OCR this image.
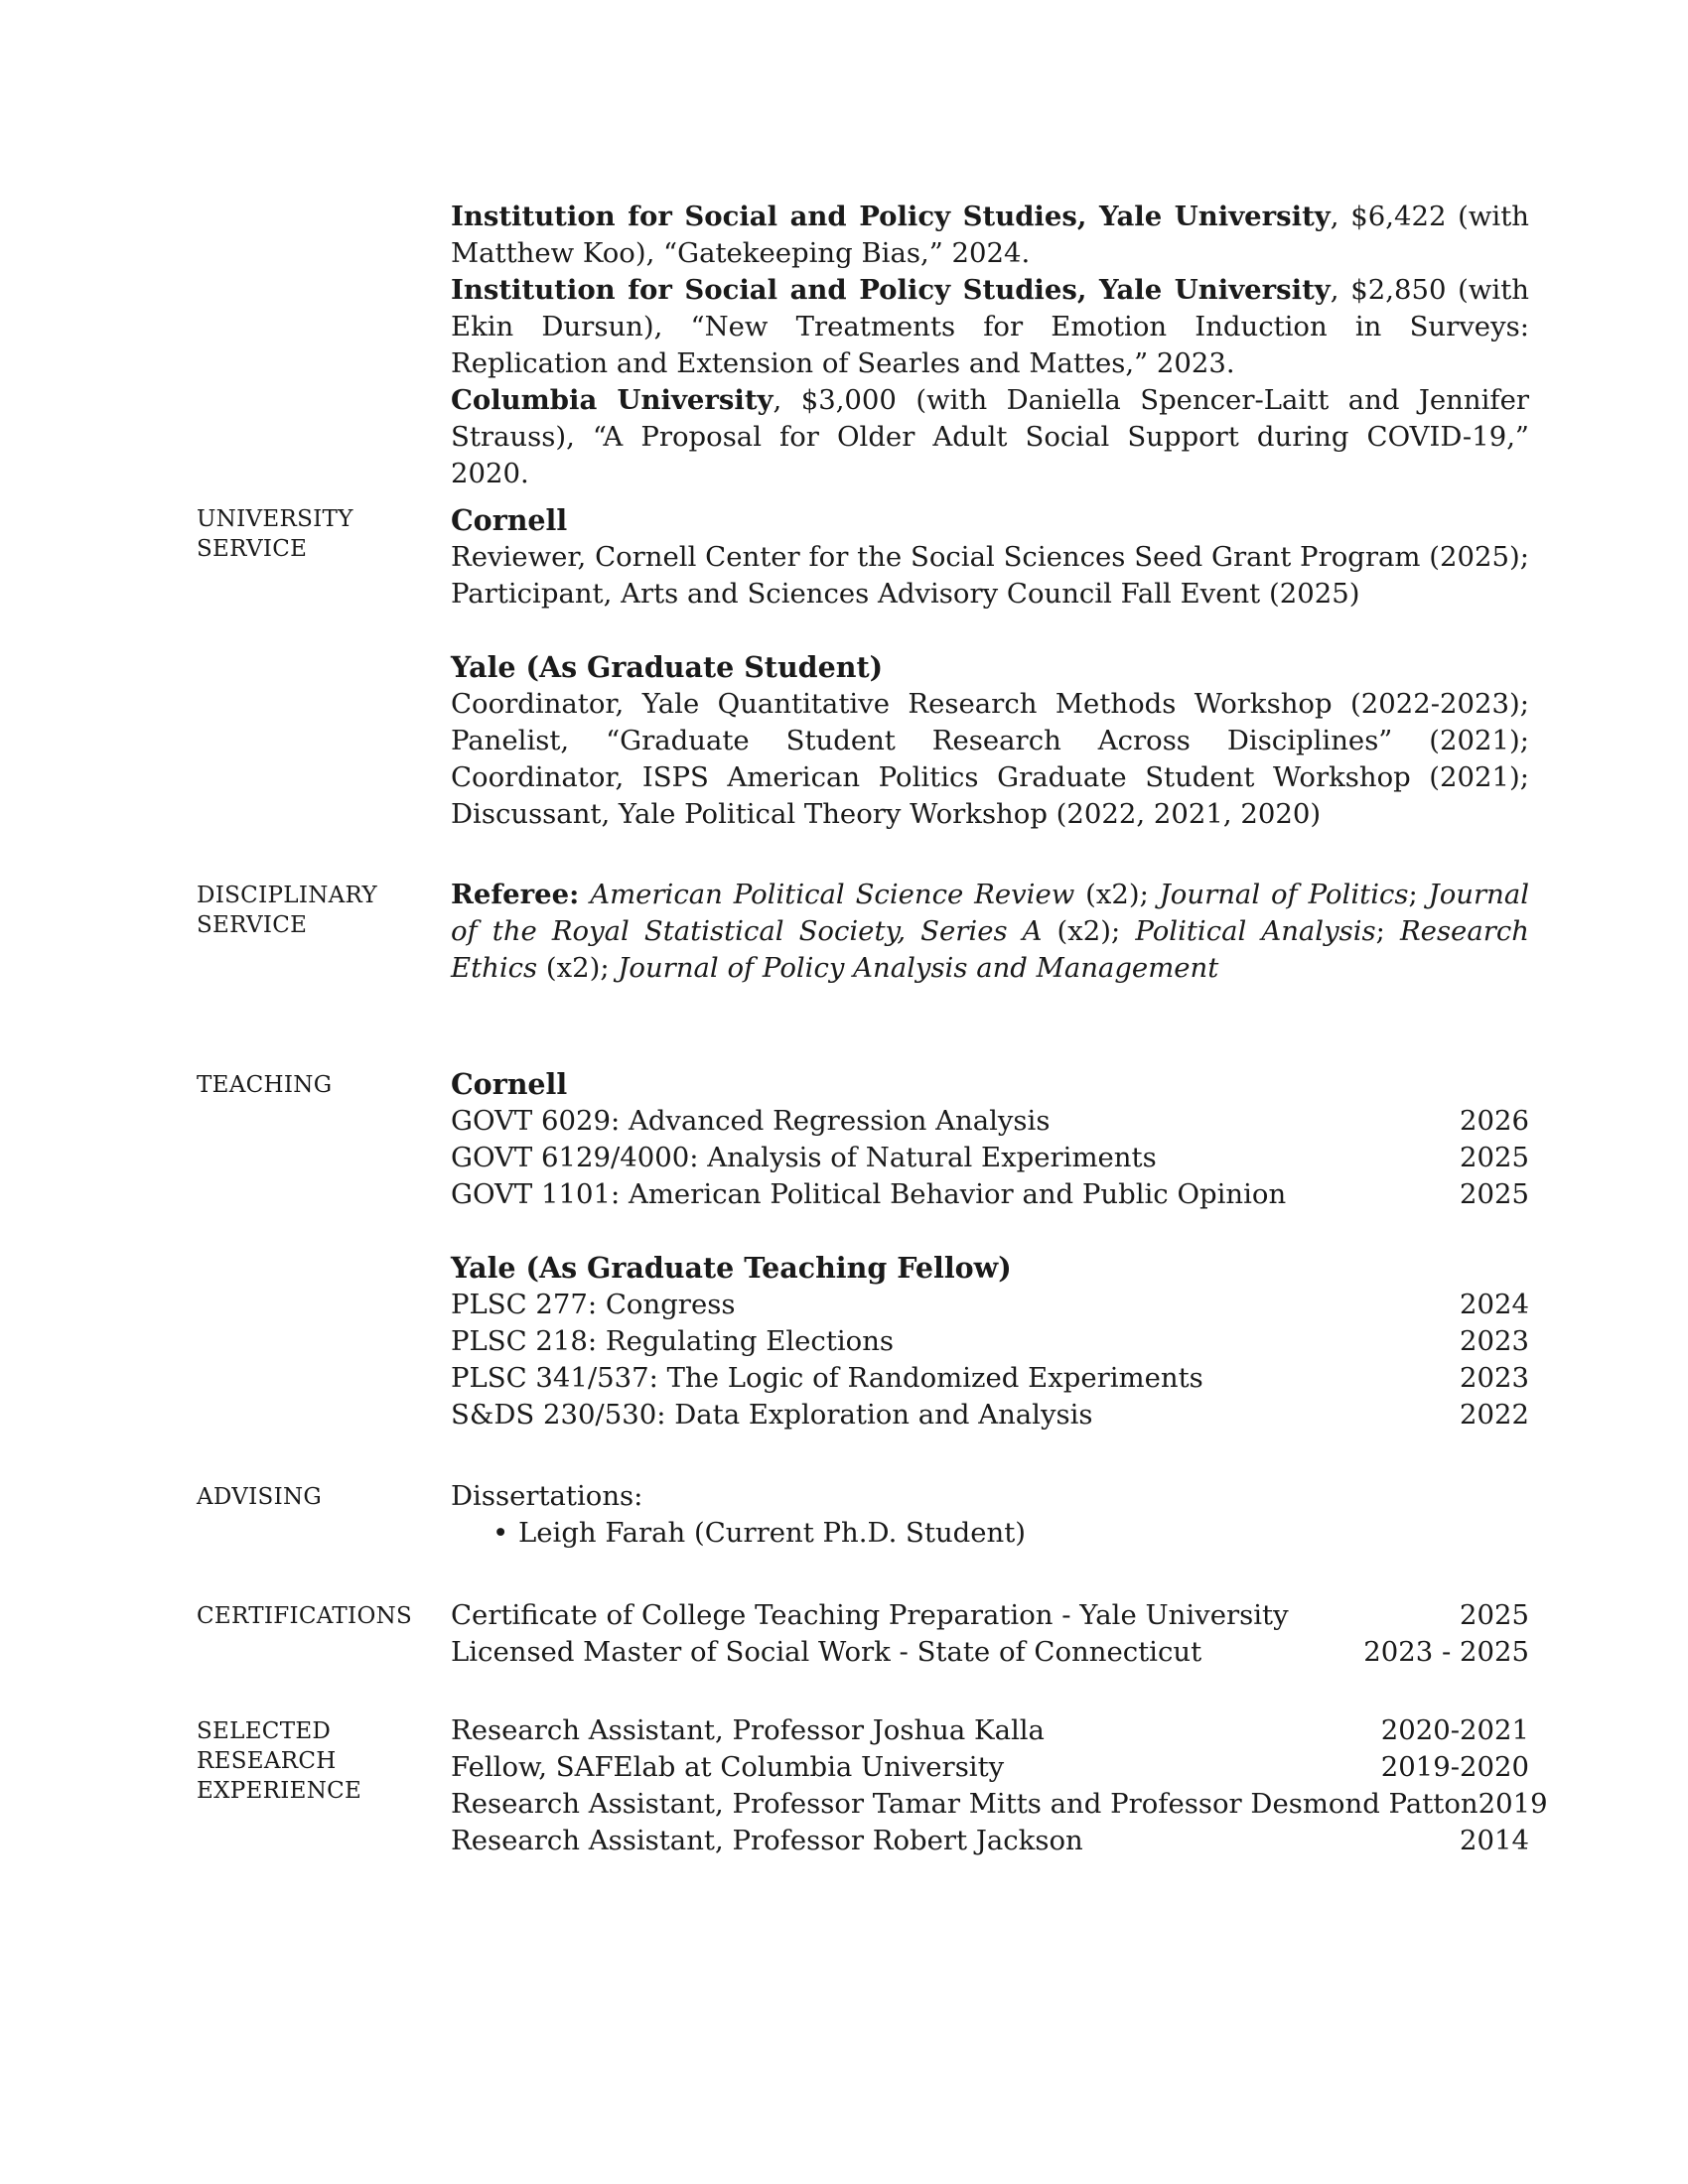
Institution for Social and Policy Studies, Yale University, $6,422 (with Matthew Koo), “Gatekeeping Bias,” 2024.

Institution for Social and Policy Studies, Yale University, $2,850 (with Ekin Dursun), “New Treatments for Emotion Induction in Surveys: Replication and Extension of Searles and Mattes,” 2023.

Columbia University, $3,000 (with Daniella Spencer-Laitt and Jennifer Strauss), “A Proposal for Older Adult Social Support during COVID-19,” 2020.

UNIVERSITY
SERVICE

Cornell

Reviewer, Cornell Center for the Social Sciences Seed Grant Program (2025); Participant, Arts and Sciences Advisory Council Fall Event (2025)

Yale (As Graduate Student)

Coordinator, Yale Quantitative Research Methods Workshop (2022-2023); Panelist, “Graduate Student Research Across Disciplines” (2021); Coordinator, ISPS American Politics Graduate Student Workshop (2021); Discussant, Yale Political Theory Workshop (2022, 2021, 2020)

DISCIPLINARY
SERVICE

Referee: American Political Science Review (x2); Journal of Politics; Journal of the Royal Statistical Society, Series A (x2); Political Analysis; Research Ethics (x2); Journal of Policy Analysis and Management

TEACHING	Cornell

GOVT 6029: Advanced Regression Analysis	2026
GOVT 6129/4000: Analysis of Natural Experiments	2025
GOVT 1101: American Political Behavior and Public Opinion	2025

Yale (As Graduate Teaching Fellow)

PLSC 277: Congress	2024
PLSC 218: Regulating Elections	2023
PLSC 341/537: The Logic of Randomized Experiments	2023
S&DS 230/530: Data Exploration and Analysis	2022
ADVISING	Dissertations:

• Leigh Farah (Current Ph.D. Student)
CERTIFICATIONS	Certificate of College Teaching Preparation - Yale University	2025
Licensed Master of Social Work - State of Connecticut	2023 - 2025
SELECTED
RESEARCH
EXPERIENCE
Research Assistant, Professor Joshua Kalla	2020-2021
Fellow, SAFElab at Columbia University	2019-2020
Research Assistant, Professor Tamar Mitts and Professor Desmond Patton 2019
Research Assistant, Professor Robert Jackson	2014
